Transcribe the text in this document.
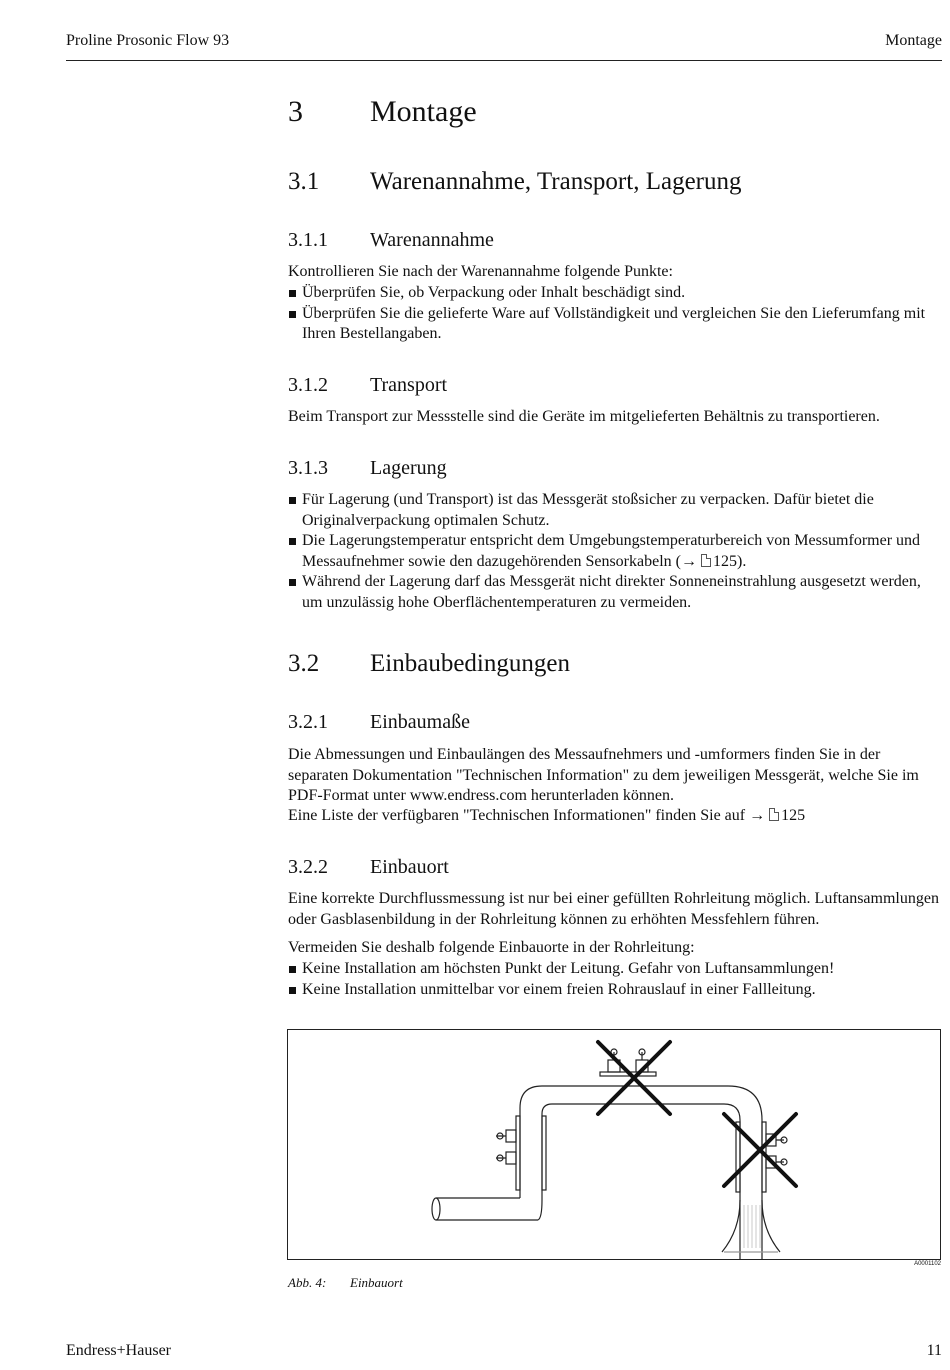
Proline Prosonic Flow 93	Montage
3 Montage
3.1 Warenannahme, Transport, Lagerung
3.1.1 Warenannahme

Kontrollieren Sie nach der Warenannahme folgende Punkte:

Überprüfen Sie, ob Verpackung oder Inhalt beschädigt sind.
Überprüfen Sie die gelieferte Ware auf Vollständigkeit und vergleichen Sie den Lieferumfang mit Ihren Bestellangaben.
3.1.2 Transport

Beim Transport zur Messstelle sind die Geräte im mitgelieferten Behältnis zu transportieren.

3.1.3 Lagerung
Für Lagerung (und Transport) ist das Messgerät stoßsicher zu verpacken. Dafür bietet die Originalverpackung optimalen Schutz.
Die Lagerungstemperatur entspricht dem Umgebungstemperaturbereich von Messumformer und Messaufnehmer sowie den dazugehörenden Sensorkabeln (→ 125).
Während der Lagerung darf das Messgerät nicht direkter Sonneneinstrahlung ausgesetzt werden, um unzulässig hohe Oberflächentemperaturen zu vermeiden.
3.2 Einbaubedingungen
3.2.1 Einbaumaße

Die Abmessungen und Einbaulängen des Messaufnehmers und -umformers finden Sie in der separaten Dokumentation "Technischen Information" zu dem jeweiligen Messgerät, welche Sie im PDF-Format unter www.endress.com herunterladen können.

Eine Liste der verfügbaren "Technischen Informationen" finden Sie auf → 125

3.2.2 Einbauort

Eine korrekte Durchflussmessung ist nur bei einer gefüllten Rohrleitung möglich. Luftansammlungen oder Gasblasenbildung in der Rohrleitung können zu erhöhten Messfehlern führen.

Vermeiden Sie deshalb folgende Einbauorte in der Rohrleitung:

Keine Installation am höchsten Punkt der Leitung. Gefahr von Luftansammlungen!
Keine Installation unmittelbar vor einem freien Rohrauslauf in einer Fallleitung.
A0001102
Abb. 4: Einbauort
Endress+Hauser	11
